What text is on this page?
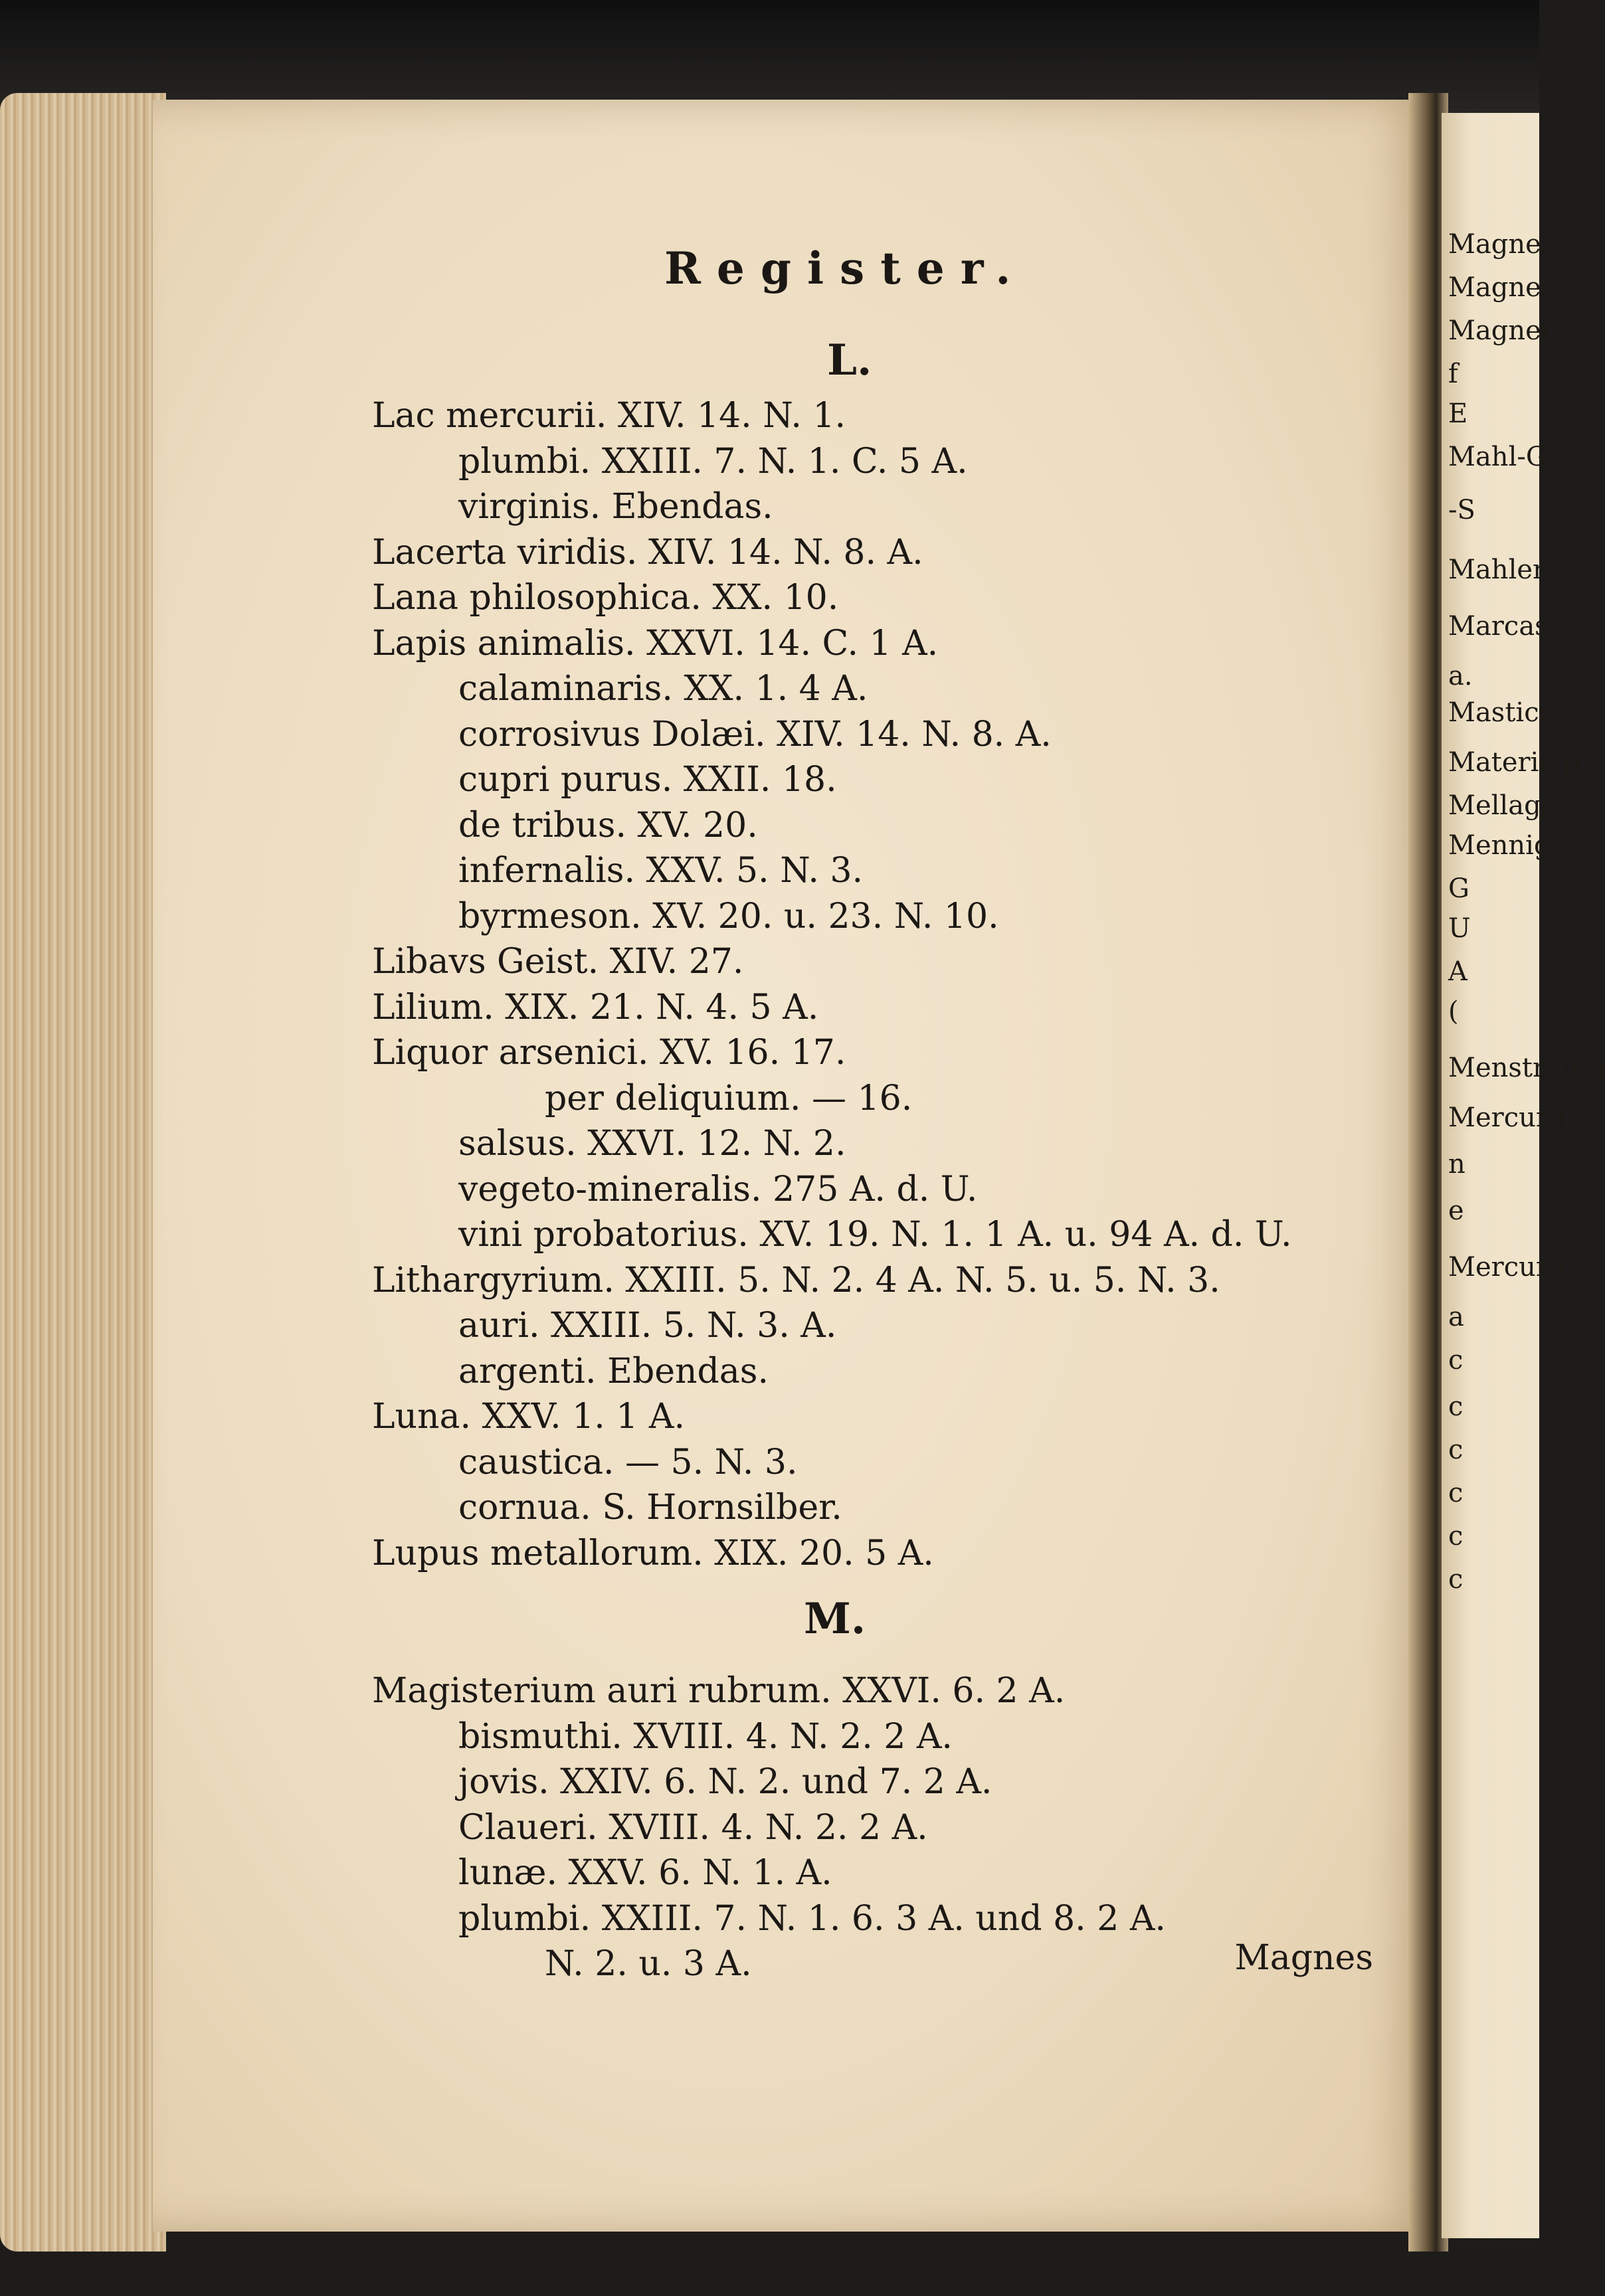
Magnes a
Magnesia
Magnet,
f
E
Mahl-G
-S
Mahler-G
Marcasita.
a.
Masticot
Materia p
Mellago s
Mennige
G
U
A
(
Menstruum
Mercurii
n
e
Mercurius
a
c
c
c
c
c
c
Register.
L.
Lac mercurii. XIV. 14. N. 1.
plumbi. XXIII. 7. N. 1. C. 5 A.
virginis. Ebendas.
Lacerta viridis. XIV. 14. N. 8. A.
Lana philosophica. XX. 10.
Lapis animalis. XXVI. 14. C. 1 A.
calaminaris. XX. 1. 4 A.
corrosivus Dolæi. XIV. 14. N. 8. A.
cupri purus. XXII. 18.
de tribus. XV. 20.
infernalis. XXV. 5. N. 3.
byrmeson. XV. 20. u. 23. N. 10.
Libavs Geist. XIV. 27.
Lilium. XIX. 21. N. 4. 5 A.
Liquor arsenici. XV. 16. 17.
per deliquium. — 16.
salsus. XXVI. 12. N. 2.
vegeto-mineralis. 275 A. d. U.
vini probatorius. XV. 19. N. 1. 1 A. u. 94 A. d. U.
Lithargyrium. XXIII. 5. N. 2. 4 A. N. 5. u. 5. N. 3.
auri. XXIII. 5. N. 3. A.
argenti. Ebendas.
Luna. XXV. 1. 1 A.
caustica. — 5. N. 3.
cornua. S. Hornsilber.
Lupus metallorum. XIX. 20. 5 A.
M.
Magisterium auri rubrum. XXVI. 6. 2 A.
bismuthi. XVIII. 4. N. 2. 2 A.
jovis. XXIV. 6. N. 2. und 7. 2 A.
Claueri. XVIII. 4. N. 2. 2 A.
lunæ. XXV. 6. N. 1. A.
plumbi. XXIII. 7. N. 1. 6. 3 A. und 8. 2 A.
N. 2. u. 3 A.	Magnes
